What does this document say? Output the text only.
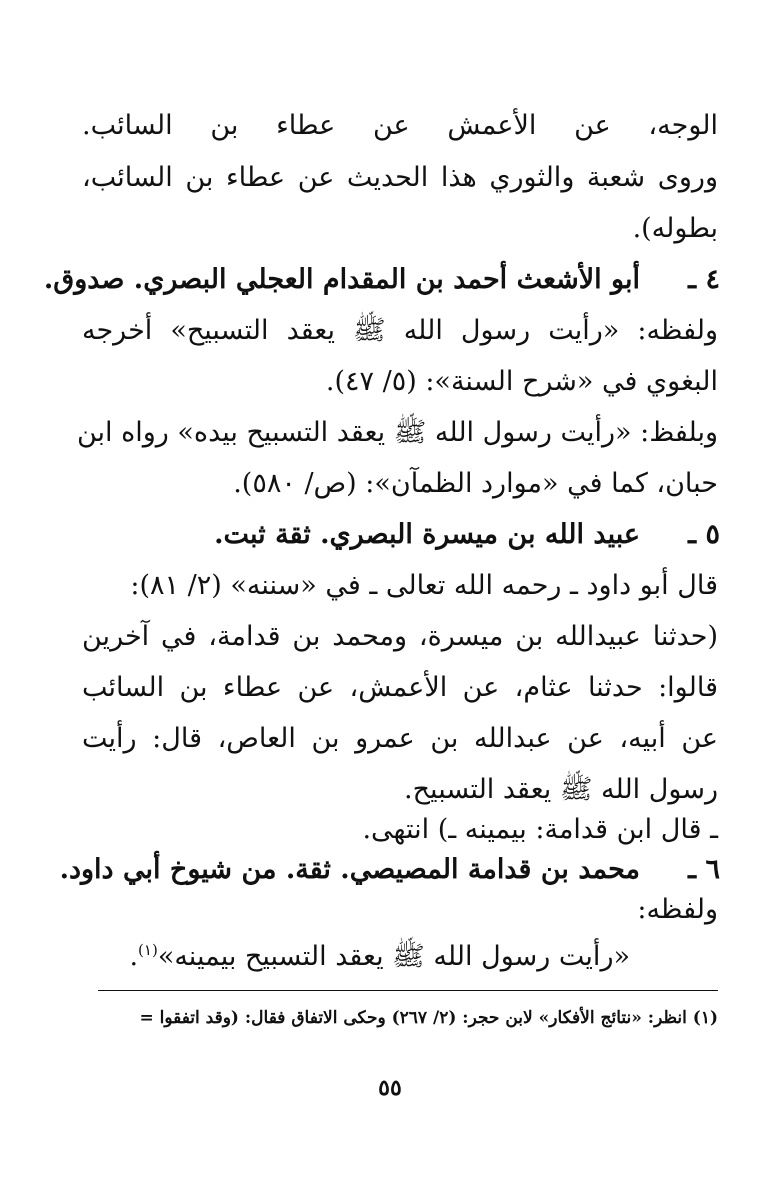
الوجه، عن الأعمش عن عطاء بن السائب.
وروى شعبة والثوري هذا الحديث عن عطاء بن السائب،
بطوله).
٤ ـ
أبو الأشعث أحمد بن المقدام العجلي البصري. صدوق.
ولفظه: «رأيت رسول الله ﷺ يعقد التسبيح» أخرجه
البغوي في «شرح السنة»: (٥/ ٤٧).
وبلفظ: «رأيت رسول الله ﷺ يعقد التسبيح بيده» رواه ابن
حبان، كما في «موارد الظمآن»: (ص/ ٥٨٠).
٥ ـ
عبيد الله بن ميسرة البصري. ثقة ثبت.
قال أبو داود ـ رحمه الله تعالى ـ في «سننه» (٢/ ٨١):
(حدثنا عبيدالله بن ميسرة، ومحمد بن قدامة، في آخرين
قالوا: حدثنا عثام، عن الأعمش، عن عطاء بن السائب
عن أبيه، عن عبدالله بن عمرو بن العاص، قال: رأيت
رسول الله ﷺ يعقد التسبيح.
ـ قال ابن قدامة: بيمينه ـ) انتهى.
٦ ـ
محمد بن قدامة المصيصي. ثقة. من شيوخ أبي داود.
ولفظه:
«رأيت رسول الله ﷺ يعقد التسبيح بيمينه»$^{(١)}$.
(١) انظر: «نتائج الأفكار» لابن حجر: (٢/ ٢٦٧) وحكى الاتفاق فقال: (وقد اتفقوا =
٥٥
